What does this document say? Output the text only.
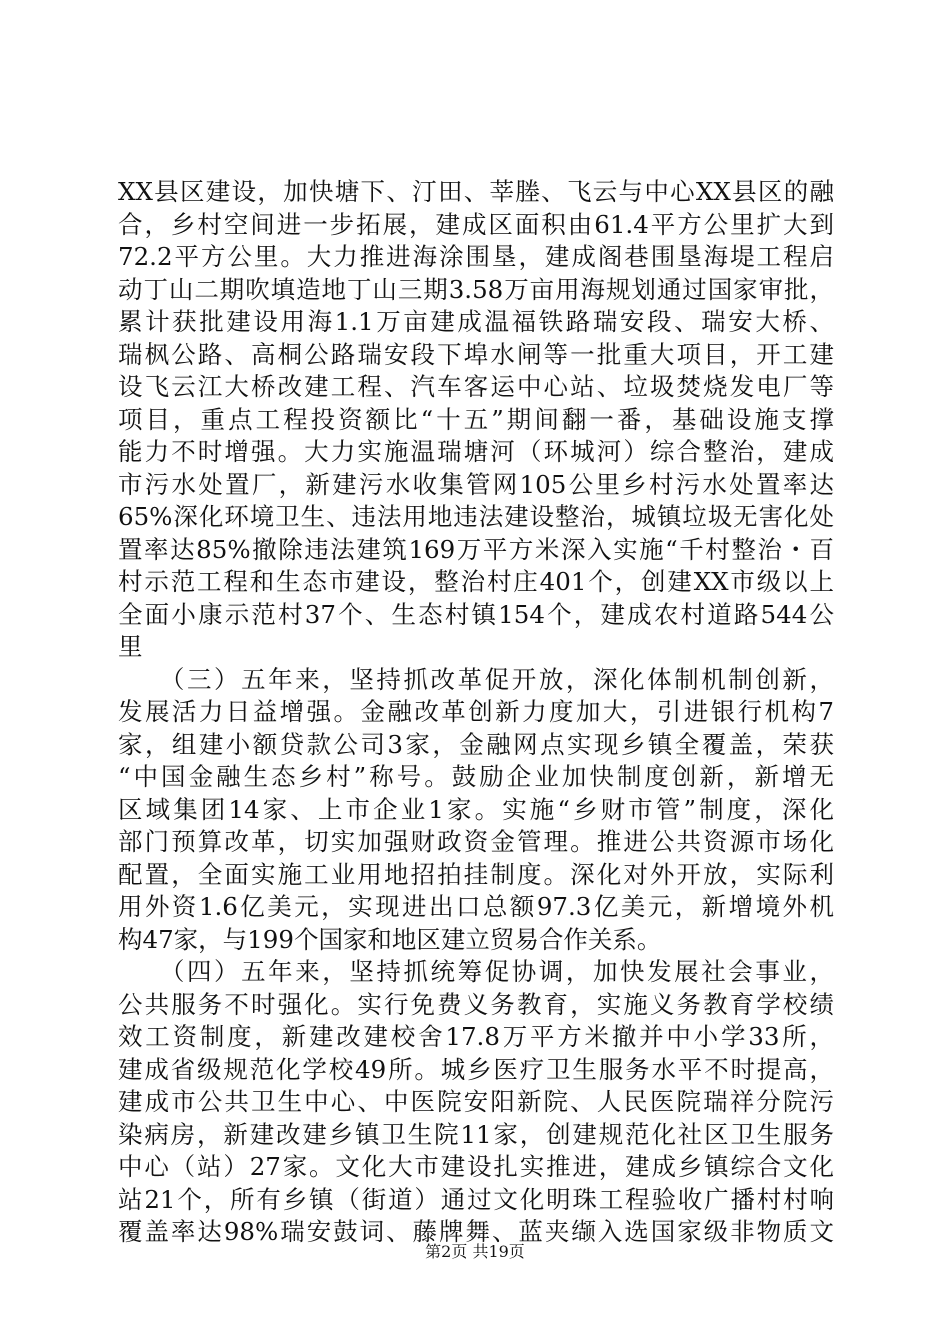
XX县区建设，加快塘下、汀田、莘塍、飞云与中心XX县区的融
合，乡村空间进一步拓展，建成区面积由61.4平方公里扩大到
72.2平方公里。大力推进海涂围垦，建成阁巷围垦海堤工程启
动丁山二期吹填造地丁山三期3.58万亩用海规划通过国家审批，
累计获批建设用海1.1万亩建成温福铁路瑞安段、瑞安大桥、
瑞枫公路、高桐公路瑞安段下埠水闸等一批重大项目，开工建
设飞云江大桥改建工程、汽车客运中心站、垃圾焚烧发电厂等
项目，重点工程投资额比“十五”期间翻一番，基础设施支撑
能力不时增强。大力实施温瑞塘河（环城河）综合整治，建成
市污水处置厂，新建污水收集管网105公里乡村污水处置率达
65%深化环境卫生、违法用地违法建设整治，城镇垃圾无害化处
置率达85%撤除违法建筑169万平方米深入实施“千村整治・百
村示范工程和生态市建设，整治村庄401个，创建XX市级以上
全面小康示范村37个、生态村镇154个，建成农村道路544公
里
　　（三）五年来，坚持抓改革促开放，深化体制机制创新，
发展活力日益增强。金融改革创新力度加大，引进银行机构7
家，组建小额贷款公司3家，金融网点实现乡镇全覆盖，荣获
“中国金融生态乡村”称号。鼓励企业加快制度创新，新增无
区域集团14家、上市企业1家。实施“乡财市管”制度，深化
部门预算改革，切实加强财政资金管理。推进公共资源市场化
配置，全面实施工业用地招拍挂制度。深化对外开放，实际利
用外资1.6亿美元，实现进出口总额97.3亿美元，新增境外机
构47家，与199个国家和地区建立贸易合作关系。
　　（四）五年来，坚持抓统筹促协调，加快发展社会事业，
公共服务不时强化。实行免费义务教育，实施义务教育学校绩
效工资制度，新建改建校舍17.8万平方米撤并中小学33所，
建成省级规范化学校49所。城乡医疗卫生服务水平不时提高，
建成市公共卫生中心、中医院安阳新院、人民医院瑞祥分院污
染病房，新建改建乡镇卫生院11家，创建规范化社区卫生服务
中心（站）27家。文化大市建设扎实推进，建成乡镇综合文化
站21个，所有乡镇（街道）通过文化明珠工程验收广播村村响
覆盖率达98%瑞安鼓词、藤牌舞、蓝夹缬入选国家级非物质文
第2页 共19页
